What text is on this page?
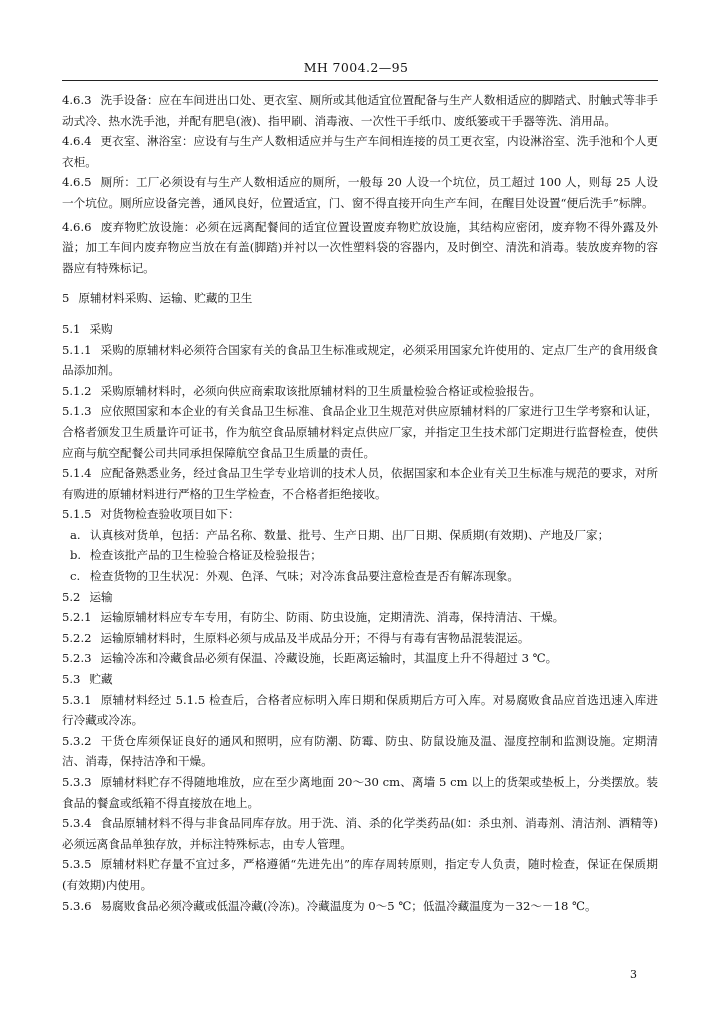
MH 7004.2—95

4.6.3 洗手设备：应在车间进出口处、更衣室、厕所或其他适宜位置配备与生产人数相适应的脚踏式、肘触式等非手动式冷、热水洗手池，并配有肥皂(液)、指甲刷、消毒液、一次性干手纸巾、废纸篓或干手器等洗、消用品。

4.6.4 更衣室、淋浴室：应设有与生产人数相适应并与生产车间相连接的员工更衣室，内设淋浴室、洗手池和个人更衣柜。

4.6.5 厕所：工厂必须设有与生产人数相适应的厕所，一般每 20 人设一个坑位，员工超过 100 人，则每 25 人设一个坑位。厕所应设备完善，通风良好，位置适宜，门、窗不得直接开向生产车间，在醒目处设置“便后洗手”标牌。

4.6.6 废弃物贮放设施：必须在远离配餐间的适宜位置设置废弃物贮放设施，其结构应密闭，废弃物不得外露及外溢；加工车间内废弃物应当放在有盖(脚踏)并衬以一次性塑料袋的容器内，及时倒空、清洗和消毒。装放废弃物的容器应有特殊标记。

5 原辅材料采购、运输、贮藏的卫生

5.1 采购

5.1.1 采购的原辅材料必须符合国家有关的食品卫生标准或规定，必须采用国家允许使用的、定点厂生产的食用级食品添加剂。

5.1.2 采购原辅材料时，必须向供应商索取该批原辅材料的卫生质量检验合格证或检验报告。

5.1.3 应依照国家和本企业的有关食品卫生标准、食品企业卫生规范对供应原辅材料的厂家进行卫生学考察和认证，合格者颁发卫生质量许可证书，作为航空食品原辅材料定点供应厂家，并指定卫生技术部门定期进行监督检查，使供应商与航空配餐公司共同承担保障航空食品卫生质量的责任。

5.1.4 应配备熟悉业务，经过食品卫生学专业培训的技术人员，依据国家和本企业有关卫生标准与规范的要求，对所有购进的原辅材料进行严格的卫生学检查，不合格者拒绝接收。

5.1.5 对货物检查验收项目如下：

a. 认真核对货单，包括：产品名称、数量、批号、生产日期、出厂日期、保质期(有效期)、产地及厂家；

b. 检查该批产品的卫生检验合格证及检验报告；

c. 检查货物的卫生状况：外观、色泽、气味；对冷冻食品要注意检查是否有解冻现象。

5.2 运输

5.2.1 运输原辅材料应专车专用，有防尘、防雨、防虫设施，定期清洗、消毒，保持清洁、干燥。

5.2.2 运输原辅材料时，生原料必须与成品及半成品分开；不得与有毒有害物品混装混运。

5.2.3 运输冷冻和冷藏食品必须有保温、冷藏设施，长距离运输时，其温度上升不得超过 3 ℃。

5.3 贮藏

5.3.1 原辅材料经过 5.1.5 检查后，合格者应标明入库日期和保质期后方可入库。对易腐败食品应首选迅速入库进行冷藏或冷冻。

5.3.2 干货仓库须保证良好的通风和照明，应有防潮、防霉、防虫、防鼠设施及温、湿度控制和监测设施。定期清洁、消毒，保持洁净和干燥。

5.3.3 原辅材料贮存不得随地堆放，应在至少离地面 20～30 cm、离墙 5 cm 以上的货架或垫板上，分类摆放。装食品的餐盒或纸箱不得直接放在地上。

5.3.4 食品原辅材料不得与非食品同库存放。用于洗、消、杀的化学类药品(如：杀虫剂、消毒剂、清洁剂、酒精等)必须远离食品单独存放，并标注特殊标志，由专人管理。

5.3.5 原辅材料贮存量不宜过多，严格遵循“先进先出”的库存周转原则，指定专人负责，随时检查，保证在保质期(有效期)内使用。

5.3.6 易腐败食品必须冷藏或低温冷藏(冷冻)。冷藏温度为 0～5 ℃；低温冷藏温度为－32～－18 ℃。

3
